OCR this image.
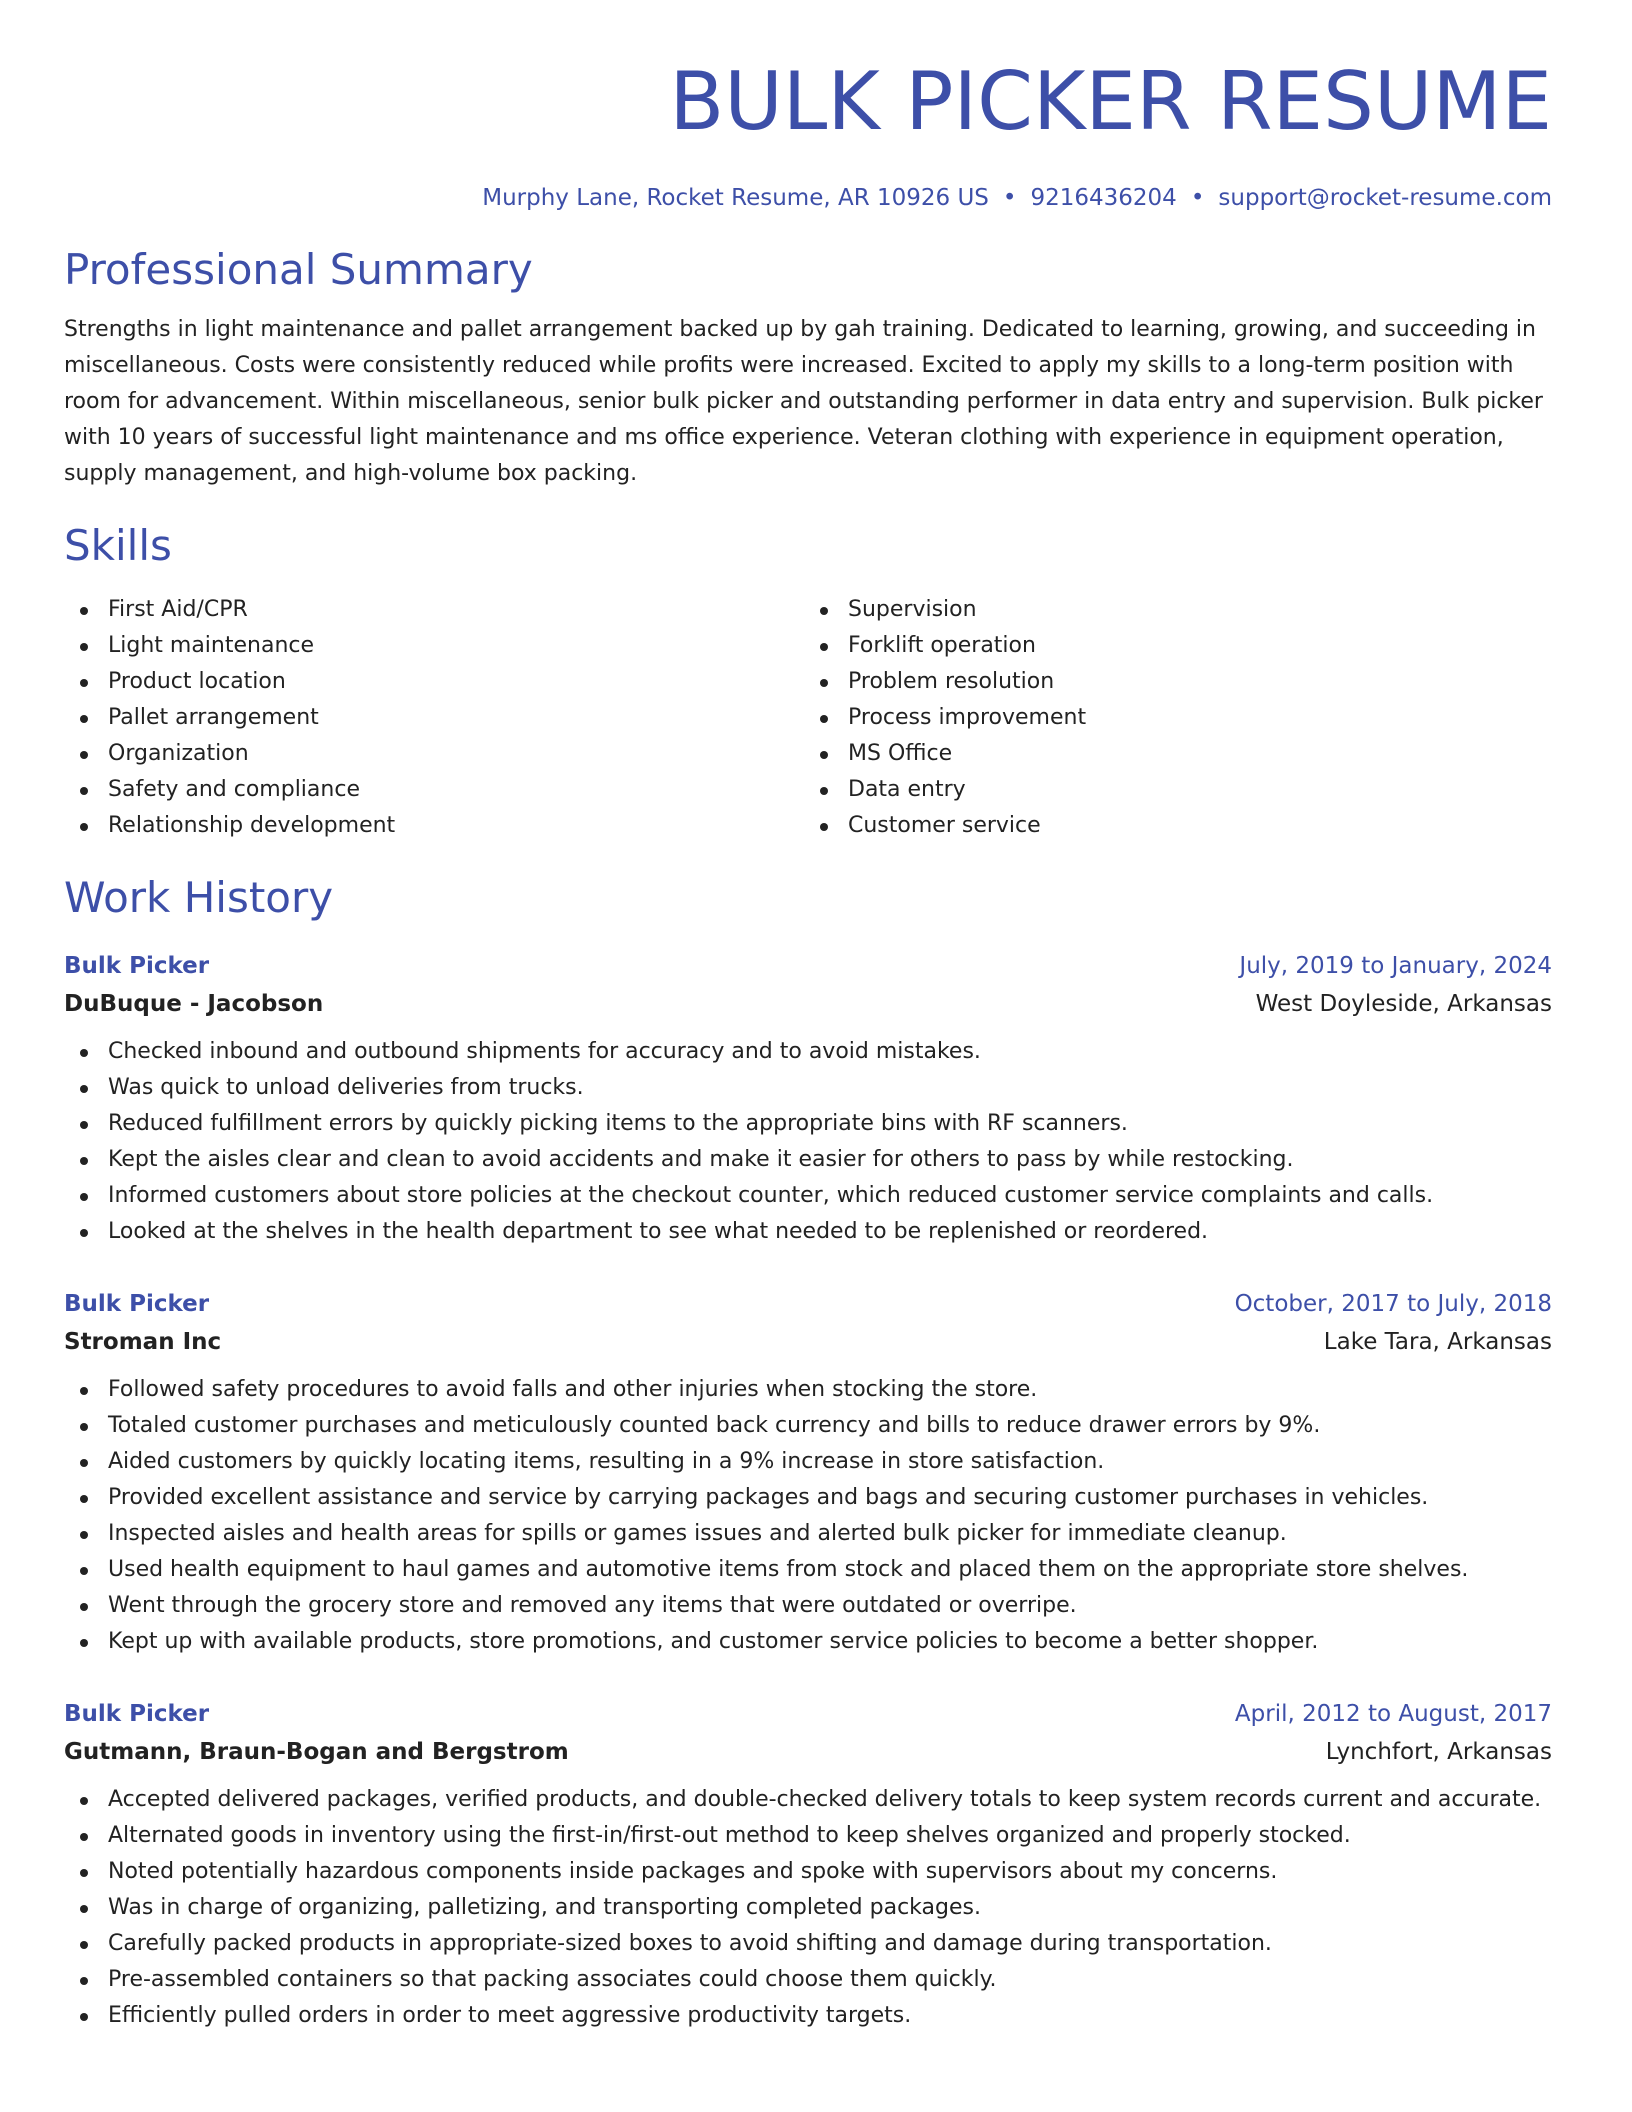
BULK PICKER RESUME
Murphy Lane, Rocket Resume, AR 10926 US • 9216436204 • support@rocket-resume.com
Professional Summary
Strengths in light maintenance and pallet arrangement backed up by gah training. Dedicated to learning, growing, and succeeding in miscellaneous. Costs were consistently reduced while profits were increased. Excited to apply my skills to a long-term position with room for advancement. Within miscellaneous, senior bulk picker and outstanding performer in data entry and supervision. Bulk picker with 10 years of successful light maintenance and ms office experience. Veteran clothing with experience in equipment operation, supply management, and high-volume box packing.
Skills
First Aid/CPR
Light maintenance
Product location
Pallet arrangement
Organization
Safety and compliance
Relationship development
Supervision
Forklift operation
Problem resolution
Process improvement
MS Office
Data entry
Customer service
Work History
Bulk Picker	July, 2019 to January, 2024
DuBuque - Jacobson	West Doyleside, Arkansas
Checked inbound and outbound shipments for accuracy and to avoid mistakes.
Was quick to unload deliveries from trucks.
Reduced fulfillment errors by quickly picking items to the appropriate bins with RF scanners.
Kept the aisles clear and clean to avoid accidents and make it easier for others to pass by while restocking.
Informed customers about store policies at the checkout counter, which reduced customer service complaints and calls.
Looked at the shelves in the health department to see what needed to be replenished or reordered.
Bulk Picker	October, 2017 to July, 2018
Stroman Inc	Lake Tara, Arkansas
Followed safety procedures to avoid falls and other injuries when stocking the store.
Totaled customer purchases and meticulously counted back currency and bills to reduce drawer errors by 9%.
Aided customers by quickly locating items, resulting in a 9% increase in store satisfaction.
Provided excellent assistance and service by carrying packages and bags and securing customer purchases in vehicles.
Inspected aisles and health areas for spills or games issues and alerted bulk picker for immediate cleanup.
Used health equipment to haul games and automotive items from stock and placed them on the appropriate store shelves.
Went through the grocery store and removed any items that were outdated or overripe.
Kept up with available products, store promotions, and customer service policies to become a better shopper.
Bulk Picker	April, 2012 to August, 2017
Gutmann, Braun-Bogan and Bergstrom	Lynchfort, Arkansas
Accepted delivered packages, verified products, and double-checked delivery totals to keep system records current and accurate.
Alternated goods in inventory using the first-in/first-out method to keep shelves organized and properly stocked.
Noted potentially hazardous components inside packages and spoke with supervisors about my concerns.
Was in charge of organizing, palletizing, and transporting completed packages.
Carefully packed products in appropriate-sized boxes to avoid shifting and damage during transportation.
Pre-assembled containers so that packing associates could choose them quickly.
Efficiently pulled orders in order to meet aggressive productivity targets.
